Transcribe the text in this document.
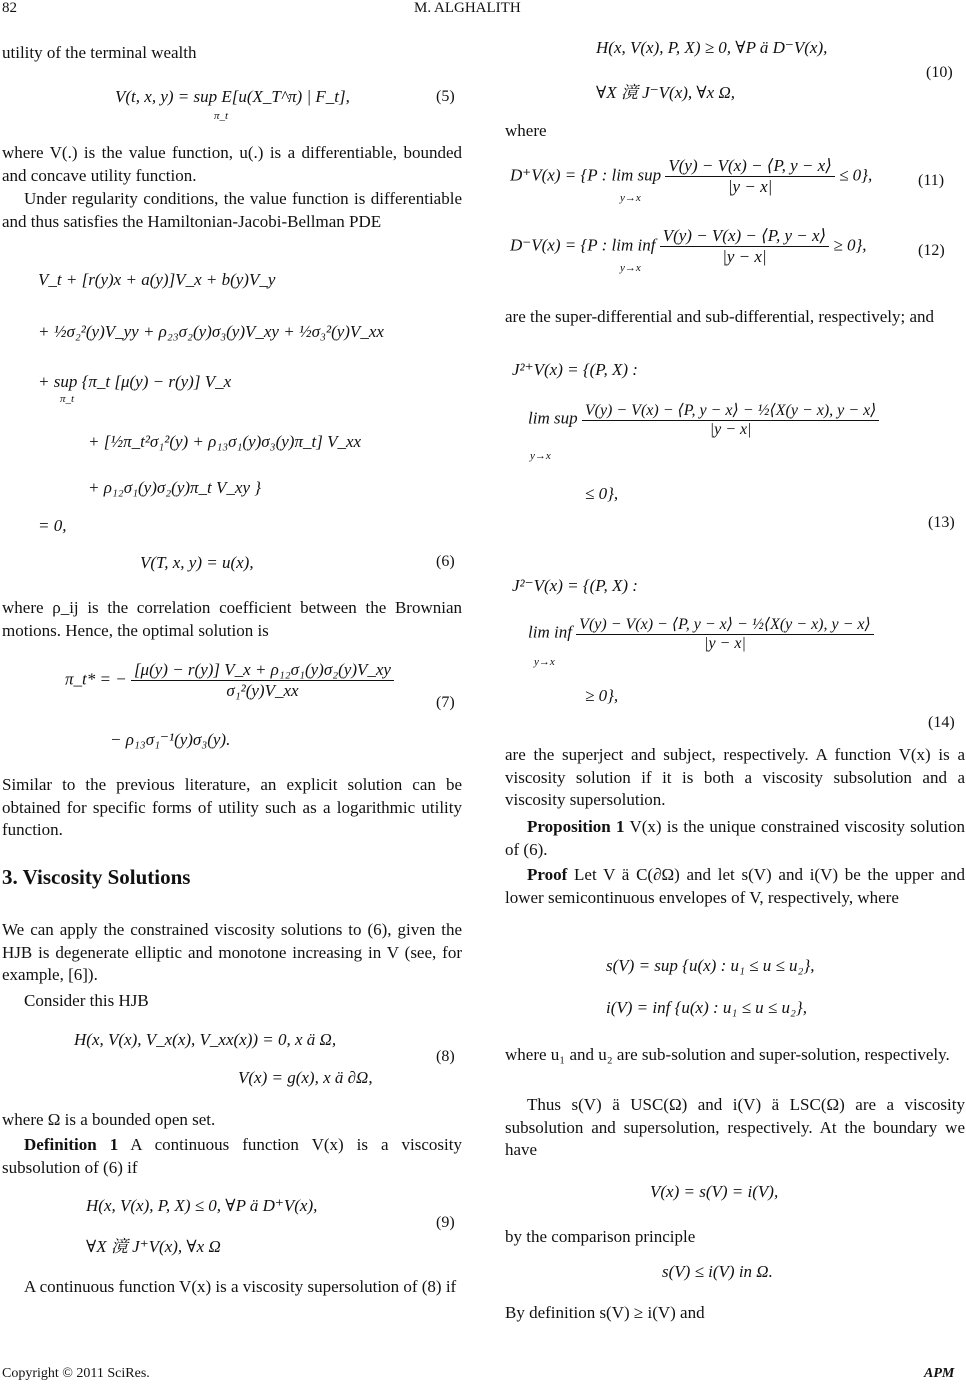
82	M. ALGHALITH
utility of the terminal wealth
V(t, x, y) = sup E[u(X_T^π) | F_t],
π_t
(5)
where V(.) is the value function, u(.) is a differentiable, bounded and concave utility function.
Under regularity conditions, the value function is differentiable and thus satisfies the Hamiltonian-Jacobi-Bellman PDE
V_t + [r(y)x + a(y)]V_x + b(y)V_y
+ ½σ₂²(y)V_yy + ρ₂₃σ₂(y)σ₃(y)V_xy + ½σ₃²(y)V_xx
+ sup {π_t [μ(y) − r(y)] V_x
π_t
+ [½π_t²σ₁²(y) + ρ₁₃σ₁(y)σ₃(y)π_t] V_xx
+ ρ₁₂σ₁(y)σ₂(y)π_t V_xy }
= 0,
V(T, x, y) = u(x),	(6)
where ρ_ij is the correlation coefficient between the Brownian motions. Hence, the optimal solution is
π_t* = − $\frac{\text{[μ(y) − r(y)] V\_x + ρ₁₂σ₁(y)σ₂(y)V\_xy}}{\text{σ₁²(y)V\_xx}}$
− ρ₁₃σ₁⁻¹(y)σ₃(y).
(7)
Similar to the previous literature, an explicit solution can be obtained for specific forms of utility such as a logarithmic utility function.
3. Viscosity Solutions
We can apply the constrained viscosity solutions to (6), given the HJB is degenerate elliptic and monotone increasing in V (see, for example, [6]).
Consider this HJB
H(x, V(x), V_x(x), V_xx(x)) = 0, x ä Ω,
V(x) = g(x), x ä ∂Ω,
(8)
where Ω is a bounded open set.
Definition 1 A continuous function V(x) is a viscosity subsolution of (6) if
H(x, V(x), P, X) ≤ 0, ∀P ä D⁺V(x),
∀X 滰 J⁺V(x), ∀x Ω
(9)
A continuous function V(x) is a viscosity supersolution of (8) if
H(x, V(x), P, X) ≥ 0, ∀P ä D⁻V(x),
∀X 滰 J⁻V(x), ∀x Ω,
(10)
where
D⁺V(x) = {P : lim sup $\frac{V(y) - V(x) - ⟨P, y - x⟩}{|y - x|} \le 0$},
y→x
(11)
D⁻V(x) = {P : lim inf $\frac{V(y) - V(x) - ⟨P, y - x⟩}{|y - x|} \ge 0$},
y→x
(12)
are the super-differential and sub-differential, respectively; and
J²⁺V(x) = {(P, X) :
lim sup $\frac{\text{V(y) − V(x) − ⟨P, y − x⟩ − ½⟨X(y − x), y − x⟩}}{|y - x|}$
y→x
≤ 0},
(13)
J²⁻V(x) = {(P, X) :
lim inf $\frac{\text{V(y) − V(x) − ⟨P, y − x⟩ − ½⟨X(y − x), y − x⟩}}{|y - x|}$
y→x
≥ 0},
(14)
are the superject and subject, respectively. A function V(x) is a viscosity solution if it is both a viscosity subsolution and a viscosity supersolution.
Proposition 1 V(x) is the unique constrained viscosity solution of (6).
Proof Let V ä C(∂Ω) and let s(V) and i(V) be the upper and lower semicontinuous envelopes of V, respectively, where
s(V) = sup {u(x) : u₁ ≤ u ≤ u₂},
i(V) = inf {u(x) : u₁ ≤ u ≤ u₂},
where u₁ and u₂ are sub-solution and super-solution, respectively.
Thus s(V) ä USC(Ω) and i(V) ä LSC(Ω) are a viscosity subsolution and supersolution, respectively. At the boundary we have
V(x) = s(V) = i(V),
by the comparison principle
s(V) ≤ i(V) in Ω.
By definition s(V) ≥ i(V) and
Copyright © 2011 SciRes.	APM
